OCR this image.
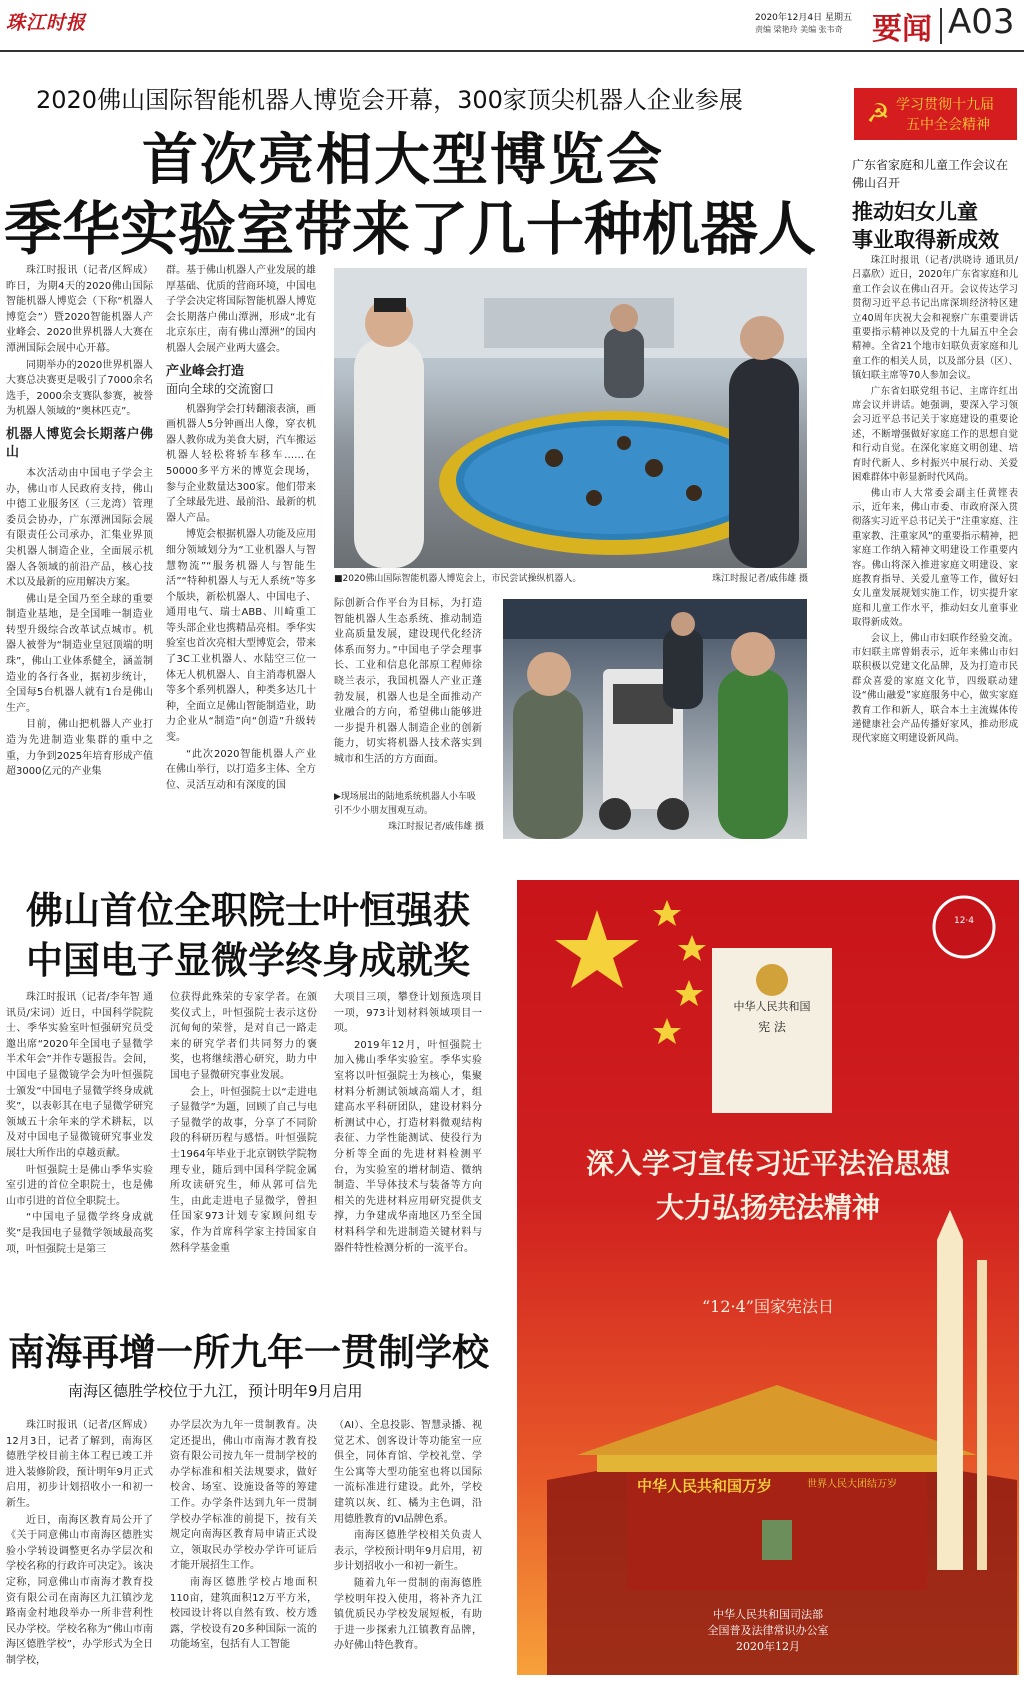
珠江时报	2020年12月4日 星期五
责编 梁艳玲 美编 张韦奇 要闻 A03
2020佛山国际智能机器人博览会开幕，300家顶尖机器人企业参展
首次亮相大型博览会
季华实验室带来了几十种机器人

珠江时报讯（记者/区辉成）昨日，为期4天的2020佛山国际智能机器人博览会（下称“机器人博览会”）暨2020智能机器人产业峰会、2020世界机器人大赛在潭洲国际会展中心开幕。

同期举办的2020世界机器人大赛总决赛更是吸引了7000余名选手，2000余支赛队参赛，被誉为机器人领域的“奥林匹克”。

机器人博览会长期落户佛山

本次活动由中国电子学会主办，佛山市人民政府支持，佛山中德工业服务区（三龙湾）管理委员会协办，广东潭洲国际会展有限责任公司承办，汇集业界顶尖机器人制造企业，全面展示机器人各领域的前沿产品，核心技术以及最新的应用解决方案。

佛山是全国乃至全球的重要制造业基地，是全国唯一制造业转型升级综合改革试点城市。机器人被誉为“制造业皇冠顶端的明珠”，佛山工业体系健全，涵盖制造业的各行各业，据初步统计，全国每5台机器人就有1台是佛山生产。

目前，佛山把机器人产业打造为先进制造业集群的重中之重，力争到2025年培育形成产值超3000亿元的产业集

群。基于佛山机器人产业发展的雄厚基础、优质的营商环境，中国电子学会决定将国际智能机器人博览会长期落户佛山潭洲，形成“北有北京东庄，南有佛山潭洲”的国内机器人会展产业两大盛会。

产业峰会打造
面向全球的交流窗口

机器狗学会打转翻滚表演，画画机器人5分钟画出人像，穿衣机器人教你成为美食大厨，汽车搬运机器人轻松将轿车移车……在50000多平方米的博览会现场，参与企业数量达300家。他们带来了全球最先进、最前沿、最新的机器人产品。

博览会根据机器人功能及应用细分领域划分为“工业机器人与智慧物流”“服务机器人与智能生活”“特种机器人与无人系统”等多个版块，新松机器人、中国电子、通用电气、瑞士ABB、川崎重工等头部企业也携精品亮相。季华实验室也首次亮相大型博览会，带来了3C工业机器人、水陆空三位一体无人机机器人、自主消毒机器人等多个系列机器人，种类多达几十种，全面立足佛山智能制造业，助力企业从“制造”向“创造”升级转变。

“此次2020智能机器人产业在佛山举行，以打造多主体、全方位、灵活互动和有深度的国

■2020佛山国际智能机器人博览会上，市民尝试操纵机器人。	珠江时报记者/戚伟雄 摄

际创新合作平台为目标，为打造智能机器人生态系统、推动制造业高质量发展，建设现代化经济体系而努力。”中国电子学会理事长、工业和信息化部原工程师徐晓兰表示，我国机器人产业正蓬勃发展，机器人也是全面推动产业融合的方向，希望佛山能够进一步提升机器人制造企业的创新能力，切实将机器人技术落实到城市和生活的方方面面。

▶现场展出的陆地系统机器人小车吸引不少小朋友围观互动。
珠江时报记者/戚伟雄 摄
☭ 学习贯彻十九届
五中全会精神
广东省家庭和儿童工作会议在佛山召开
推动妇女儿童
事业取得新成效

珠江时报讯（记者/洪晓诗 通讯员/吕嘉欣）近日，2020年广东省家庭和儿童工作会议在佛山召开。会议传达学习贯彻习近平总书记出席深圳经济特区建立40周年庆祝大会和视察广东重要讲话重要指示精神以及党的十九届五中全会精神。全省21个地市妇联负责家庭和儿童工作的相关人员，以及部分县（区）、镇妇联主席等70人参加会议。

广东省妇联党组书记、主席许红出席会议并讲话。她强调，要深入学习领会习近平总书记关于家庭建设的重要论述，不断增强做好家庭工作的思想自觉和行动自觉。在深化家庭文明创建、培育时代新人、乡村振兴中展行动、关爱困难群体中彰显新时代风尚。

佛山市人大常委会副主任黄铿表示，近年来，佛山市委、市政府深入贯彻落实习近平总书记关于“注重家庭、注重家教、注重家风”的重要指示精神，把家庭工作纳入精神文明建设工作重要内容。佛山将深入推进家庭文明建设、家庭教育指导、关爱儿童等工作，做好妇女儿童发展规划实施工作，切实提升家庭和儿童工作水平，推动妇女儿童事业取得新成效。

会议上，佛山市妇联作经验交流。市妇联主席曾娟表示，近年来佛山市妇联积极以党建文化品牌，及为打造市民群众喜爱的家庭文化节，四级联动建设“佛山融爱”家庭服务中心，做实家庭教育工作和新人，联合本土主流媒体传递健康社会产品传播好家风，推动形成现代家庭文明建设新风尚。

佛山首位全职院士叶恒强获
中国电子显微学终身成就奖

珠江时报讯（记者/李年智 通讯员/宋词）近日，中国科学院院士、季华实验室叶恒强研究员受邀出席“2020年全国电子显微学半术年会”并作专题报告。会间，中国电子显微镜学会为叶恒强院士颁发“中国电子显微学终身成就奖”，以表彰其在电子显微学研究领域五十余年来的学术耕耘，以及对中国电子显微镜研究事业发展壮大所作出的卓越贡献。

叶恒强院士是佛山季华实验室引进的首位全职院士，也是佛山市引进的首位全职院士。

“中国电子显微学终身成就奖”是我国电子显微学领域最高奖项，叶恒强院士是第三

位获得此殊荣的专家学者。在颁奖仪式上，叶恒强院士表示这份沉甸甸的荣誉，是对自己一路走来的研究学者们共同努力的褒奖，也将继续潜心研究，助力中国电子显微研究事业发展。

会上，叶恒强院士以“走进电子显微学”为题，回顾了自己与电子显微学的故事，分享了不同阶段的科研历程与感悟。叶恒强院士1964年毕业于北京钢铁学院物理专业，随后到中国科学院金属所攻读研究生，师从郭可信先生，由此走进电子显微学，曾担任国家973计划专家顾问组专家，作为首席科学家主持国家自然科学基金重

大项目三项，攀登计划预选项目一项，973计划材料领域项目一项。

2019年12月，叶恒强院士加入佛山季华实验室。季华实验室将以叶恒强院士为核心，集聚材料分析测试领域高端人才，组建高水平科研团队，建设材料分析测试中心，打造材料微观结构表征、力学性能测试、使役行为分析等全面的先进材料检测平台，为实验室的增材制造、微纳制造、半导体技术与装备等方向相关的先进材料应用研究提供支撑，力争建成华南地区乃至全国材料科学和先进制造关键材料与器件特性检测分析的一流平台。

南海再增一所九年一贯制学校
南海区德胜学校位于九江，预计明年9月启用

珠江时报讯（记者/区辉成）12月3日，记者了解到，南海区德胜学校目前主体工程已竣工并进入装修阶段，预计明年9月正式启用，初步计划招收小一和初一新生。

近日，南海区教育局公开了《关于同意佛山市南海区德胜实验小学转设调整更名办学层次和学校名称的行政许可决定》。该决定称，同意佛山市南海才教育投资有限公司在南海区九江镇沙龙路南金村地段举办一所非营利性民办学校。学校名称为“佛山市南海区德胜学校”，办学形式为全日制学校，

办学层次为九年一贯制教育。决定还提出，佛山市南海才教育投资有限公司按九年一贯制学校的办学标准和相关法规要求，做好校舍、场室、设施设备等的筹建工作。办学条件达到九年一贯制学校办学标准的前提下，按有关规定向南海区教育局申请正式设立，领取民办学校办学许可证后才能开展招生工作。

南海区德胜学校占地面积110亩，建筑面积12万平方米，校园设计将以自然有致、校方透露，学校设有20多种国际一流的功能场室，包括有人工智能

（AI）、全息投影、智慧录播、视觉艺术、创客设计等功能室一应俱全，同体育馆、学校礼堂、学生公寓等大型功能室也将以国际一流标准进行建设。此外，学校建筑以灰、红、橘为主色调，沿用德胜教育的VI品牌色系。

南海区德胜学校相关负责人表示，学校预计明年9月启用，初步计划招收小一和初一新生。

随着九年一贯制的南海德胜学校明年投入使用，将补齐九江镇优质民办学校发展短板，有助于进一步探索九江镇教育品牌，办好佛山特色教育。

中华人民共和国
宪 法
12·4
深入学习宣传习近平法治思想
大力弘扬宪法精神
“12·4”国家宪法日
中华人民共和国万岁	世界人民大团结万岁
中华人民共和国司法部
全国普及法律常识办公室
2020年12月
